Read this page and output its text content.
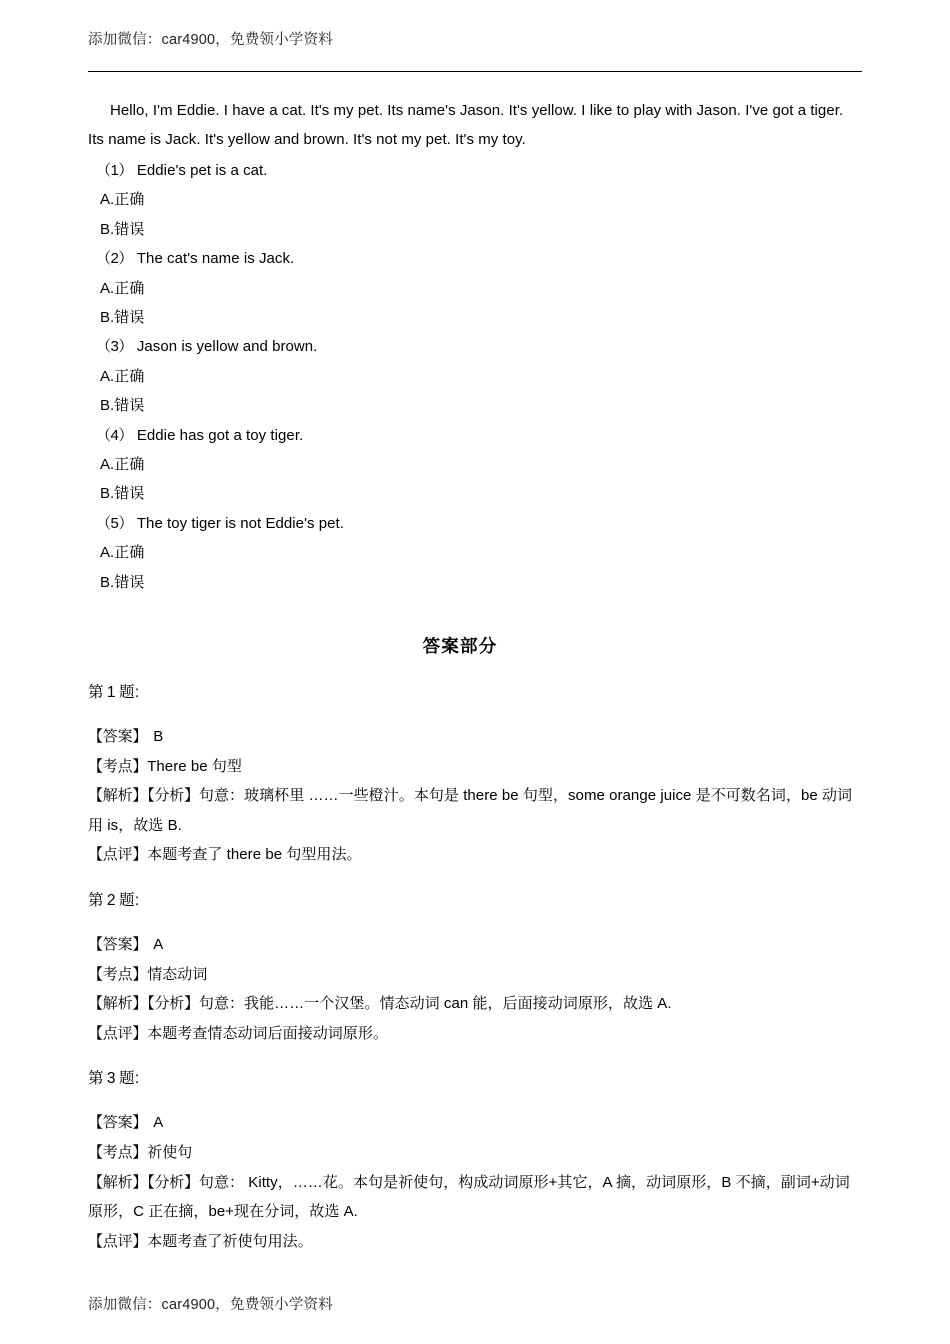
添加微信：car4900，免费领小学资料

Hello, I'm Eddie. I have a cat. It's my pet. Its name's Jason. It's yellow. I like to play with Jason. I've got a tiger. Its name is Jack. It's yellow and brown. It's not my pet. It's my toy.

（1） Eddie's pet is a cat.

A.正确

B.错误

（2） The cat's name is Jack.

A.正确

B.错误

（3） Jason is yellow and brown.

A.正确

B.错误

（4） Eddie has got a toy tiger.

A.正确

B.错误

（5） The toy tiger is not Eddie's pet.

A.正确

B.错误

答案部分

第 1 题:

【答案】 B

【考点】There be 句型

【解析】【分析】句意：玻璃杯里 ……一些橙汁。本句是 there be 句型，some orange juice 是不可数名词，be 动词用 is，故选 B.

【点评】本题考查了 there be 句型用法。

第 2 题:

【答案】 A

【考点】情态动词

【解析】【分析】句意：我能……一个汉堡。情态动词 can 能，后面接动词原形，故选 A.

【点评】本题考查情态动词后面接动词原形。

第 3 题:

【答案】 A

【考点】祈使句

【解析】【分析】句意： Kitty，……花。本句是祈使句，构成动词原形+其它，A 摘，动词原形，B 不摘，副词+动词原形，C 正在摘，be+现在分词，故选 A.

【点评】本题考查了祈使句用法。

添加微信：car4900，免费领小学资料
